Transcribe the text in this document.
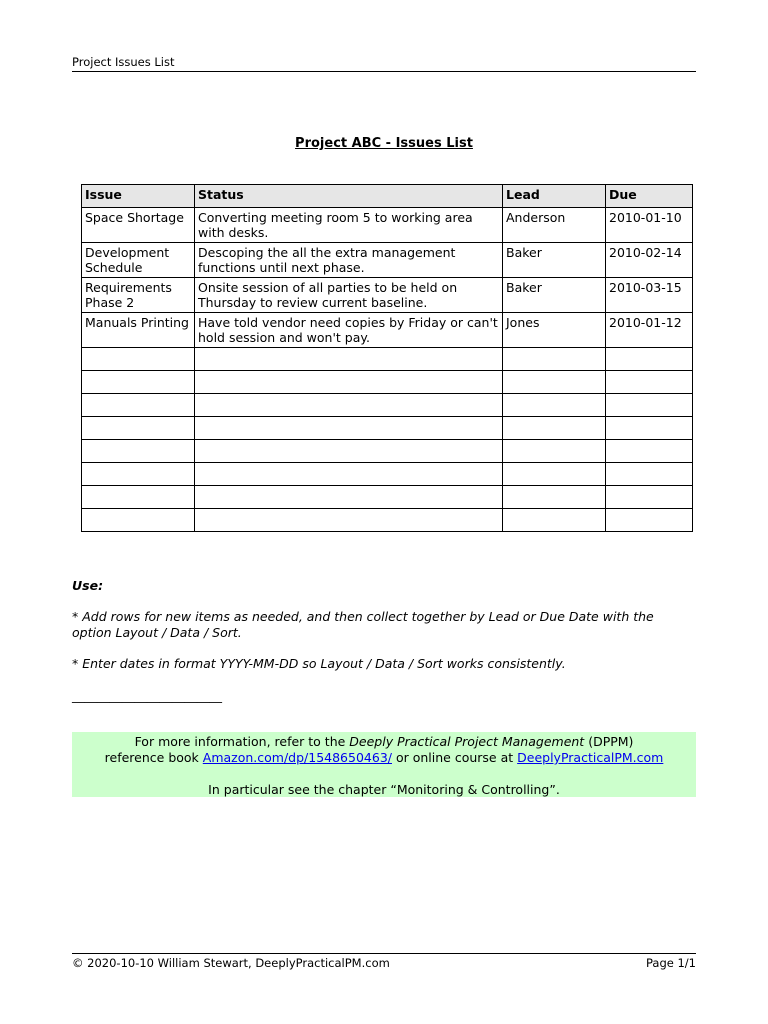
Project Issues List
Project ABC - Issues List
Issue	Status	Lead	Due
Space Shortage	Converting meeting room 5 to working area with desks.	Anderson	2010-01-10
Development Schedule	Descoping the all the extra management functions until next phase.	Baker	2010-02-14
Requirements Phase 2	Onsite session of all parties to be held on Thursday to review current baseline.	Baker	2010-03-15
Manuals Printing	Have told vendor need copies by Friday or can't hold session and won't pay.	Jones	2010-01-12

Use:

* Add rows for new items as needed, and then collect together by Lead or Due Date with the option Layout / Data / Sort.

* Enter dates in format YYYY-MM-DD so Layout / Data / Sort works consistently.

________________________
For more information, refer to the Deeply Practical Project Management (DPPM)
reference book Amazon.com/dp/1548650463/ or online course at DeeplyPracticalPM.com
In particular see the chapter “Monitoring & Controlling”.
© 2020-10-10 William Stewart, DeeplyPracticalPM.com	Page 1/1
